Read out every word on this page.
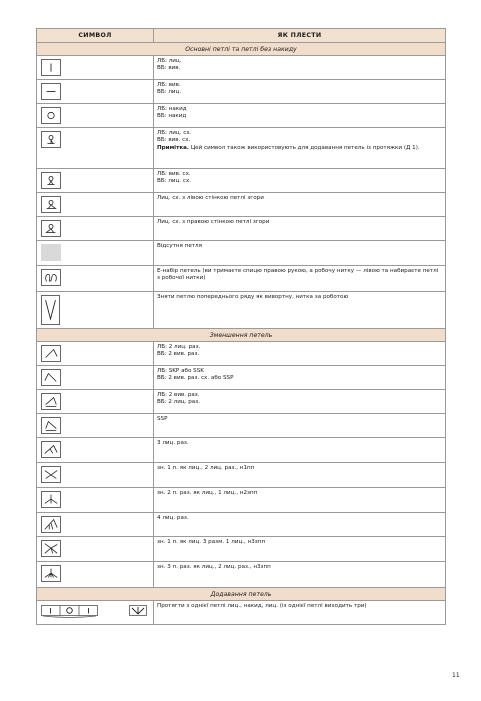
СИМВОЛ	ЯК ПЛЕСТИ
Основні петлі та петлі без накиду	

ЛБ: лиц.
ВБ: вив.

ЛБ: вив.
ВБ: лиц.

ЛБ: накид
ВБ: накид

ЛБ: лиц. сх.
ВБ: вив. сх.
Примітка. Цей символ також використовують для додавання петель із протяжки (Д 1).

ЛБ: вив. сх.
ВБ: лиц. сх.

Лиц. сх. з лівою стінкою петлі згори

Лиц. сх. з правою стінкою петлі згори

	Відсутня петля

Е-набір петель (ви тримаєте спицю правою рукою, а робочу нитку — лівою та набираєте петлі з робочої нитки)

Зняти петлю попереднього ряду як вивортну, нитка за роботою

Зменшення петель	

ЛБ: 2 лиц. раз.
ВБ: 2 вив. раз.

ЛБ: SKP або SSK
ВБ: 2 вив. раз. сх. або SSP

ЛБ: 2 вив. раз.
ВБ: 2 лиц. раз.

SSP

3 лиц. раз.

зн. 1 п. як лиц., 2 лиц. раз., н1пп

зн. 2 п. раз. як лиц., 1 лиц., н2зпп

4 лиц. раз.

зн. 1 п. як лиц. 3 разм. 1 лиц., н3зпп

зн. 3 п. раз. як лиц., 2 лиц. раз., н3зпп

Додавання петель	

Протягти з однієї петлі лиц., накид, лиц. (із однієї петлі виходить три)
11
